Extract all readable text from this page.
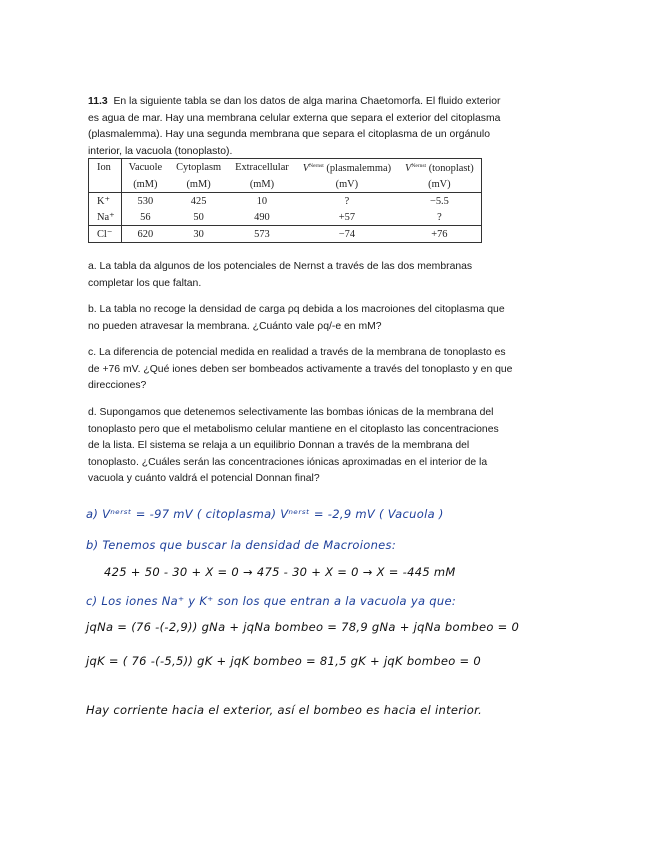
11.3 En la siguiente tabla se dan los datos de alga marina Chaetomorfa. El fluido exterior es agua de mar. Hay una membrana celular externa que separa el exterior del citoplasma (plasmalemma). Hay una segunda membrana que separa el citoplasma de un orgánulo interior, la vacuola (tonoplasto).
Ion	Vacuole	Cytoplasm	Extracellular	$V^{Nernst}$ (plasmalemma)	$V^{Nernst}$ (tonoplast)
	(mM)	(mM)	(mM)	(mV)	(mV)
K⁺	530	425	10	?	−5.5
Na⁺	56	50	490	+57	?
Cl⁻	620	30	573	−74	+76
a. La tabla da algunos de los potenciales de Nernst a través de las dos membranas completar los que faltan.
b. La tabla no recoge la densidad de carga ρq debida a los macroiones del citoplasma que no pueden atravesar la membrana. ¿Cuánto vale ρq/-e en mM?
c. La diferencia de potencial medida en realidad a través de la membrana de tonoplasto es de +76 mV. ¿Qué iones deben ser bombeados activamente a través del tonoplasto y en que direcciones?
d. Supongamos que detenemos selectivamente las bombas iónicas de la membrana del tonoplasto pero que el metabolismo celular mantiene en el citoplasto las concentraciones de la lista. El sistema se relaja a un equilibrio Donnan a través de la membrana del tonoplasto. ¿Cuáles serán las concentraciones iónicas aproximadas en el interior de la vacuola y cuánto valdrá el potencial Donnan final?
a) Vⁿᵉʳˢᵗ = -97 mV ( citoplasma) Vⁿᵉʳˢᵗ = -2,9 mV ( Vacuola )
b) Tenemos que buscar la densidad de Macroiones:
425 + 50 - 30 + X = 0 → 475 - 30 + X = 0 → X = -445 mM
c) Los iones Na⁺ y K⁺ son los que entran a la vacuola ya que:
jqNa = (76 -(-2,9)) gNa + jqNa bombeo = 78,9 gNa + jqNa bombeo = 0
jqK = ( 76 -(-5,5)) gK + jqK bombeo = 81,5 gK + jqK bombeo = 0
Hay corriente hacia el exterior, así el bombeo es hacia el interior.
